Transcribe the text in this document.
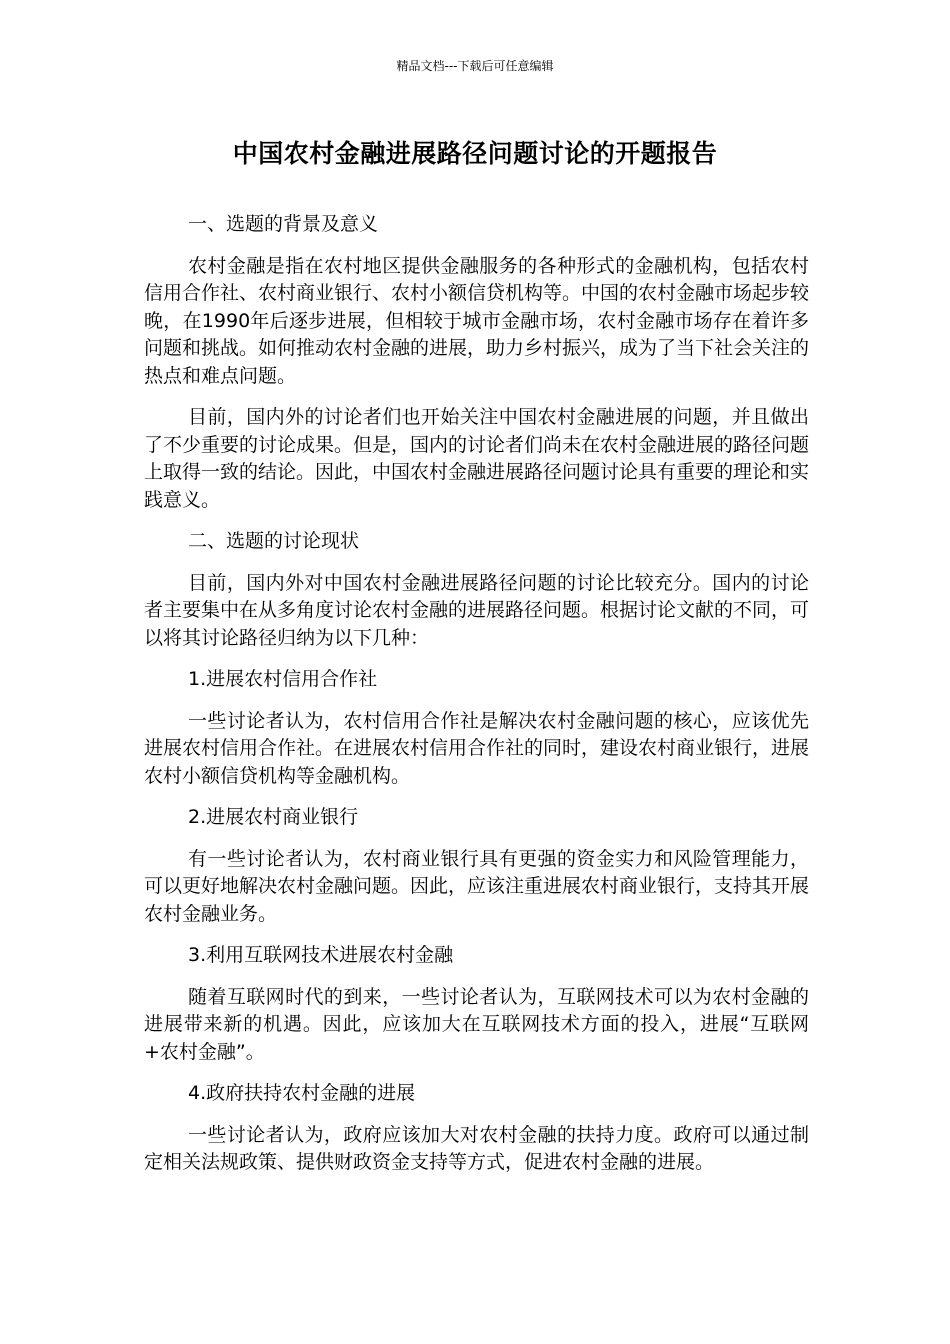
精品文档---下载后可任意编辑
中国农村金融进展路径问题讨论的开题报告

一、选题的背景及意义

农村金融是指在农村地区提供金融服务的各种形式的金融机构，包括农村信用合作社、农村商业银行、农村小额信贷机构等。中国的农村金融市场起步较晚，在1990年后逐步进展，但相较于城市金融市场，农村金融市场存在着许多问题和挑战。如何推动农村金融的进展，助力乡村振兴，成为了当下社会关注的热点和难点问题。

目前，国内外的讨论者们也开始关注中国农村金融进展的问题，并且做出了不少重要的讨论成果。但是，国内的讨论者们尚未在农村金融进展的路径问题上取得一致的结论。因此，中国农村金融进展路径问题讨论具有重要的理论和实践意义。

二、选题的讨论现状

目前，国内外对中国农村金融进展路径问题的讨论比较充分。国内的讨论者主要集中在从多角度讨论农村金融的进展路径问题。根据讨论文献的不同，可以将其讨论路径归纳为以下几种：

1.进展农村信用合作社

一些讨论者认为，农村信用合作社是解决农村金融问题的核心，应该优先进展农村信用合作社。在进展农村信用合作社的同时，建设农村商业银行，进展农村小额信贷机构等金融机构。

2.进展农村商业银行

有一些讨论者认为，农村商业银行具有更强的资金实力和风险管理能力，可以更好地解决农村金融问题。因此，应该注重进展农村商业银行，支持其开展农村金融业务。

3.利用互联网技术进展农村金融

随着互联网时代的到来，一些讨论者认为，互联网技术可以为农村金融的进展带来新的机遇。因此，应该加大在互联网技术方面的投入，进展“互联网+农村金融”。

4.政府扶持农村金融的进展

一些讨论者认为，政府应该加大对农村金融的扶持力度。政府可以通过制定相关法规政策、提供财政资金支持等方式，促进农村金融的进展。
